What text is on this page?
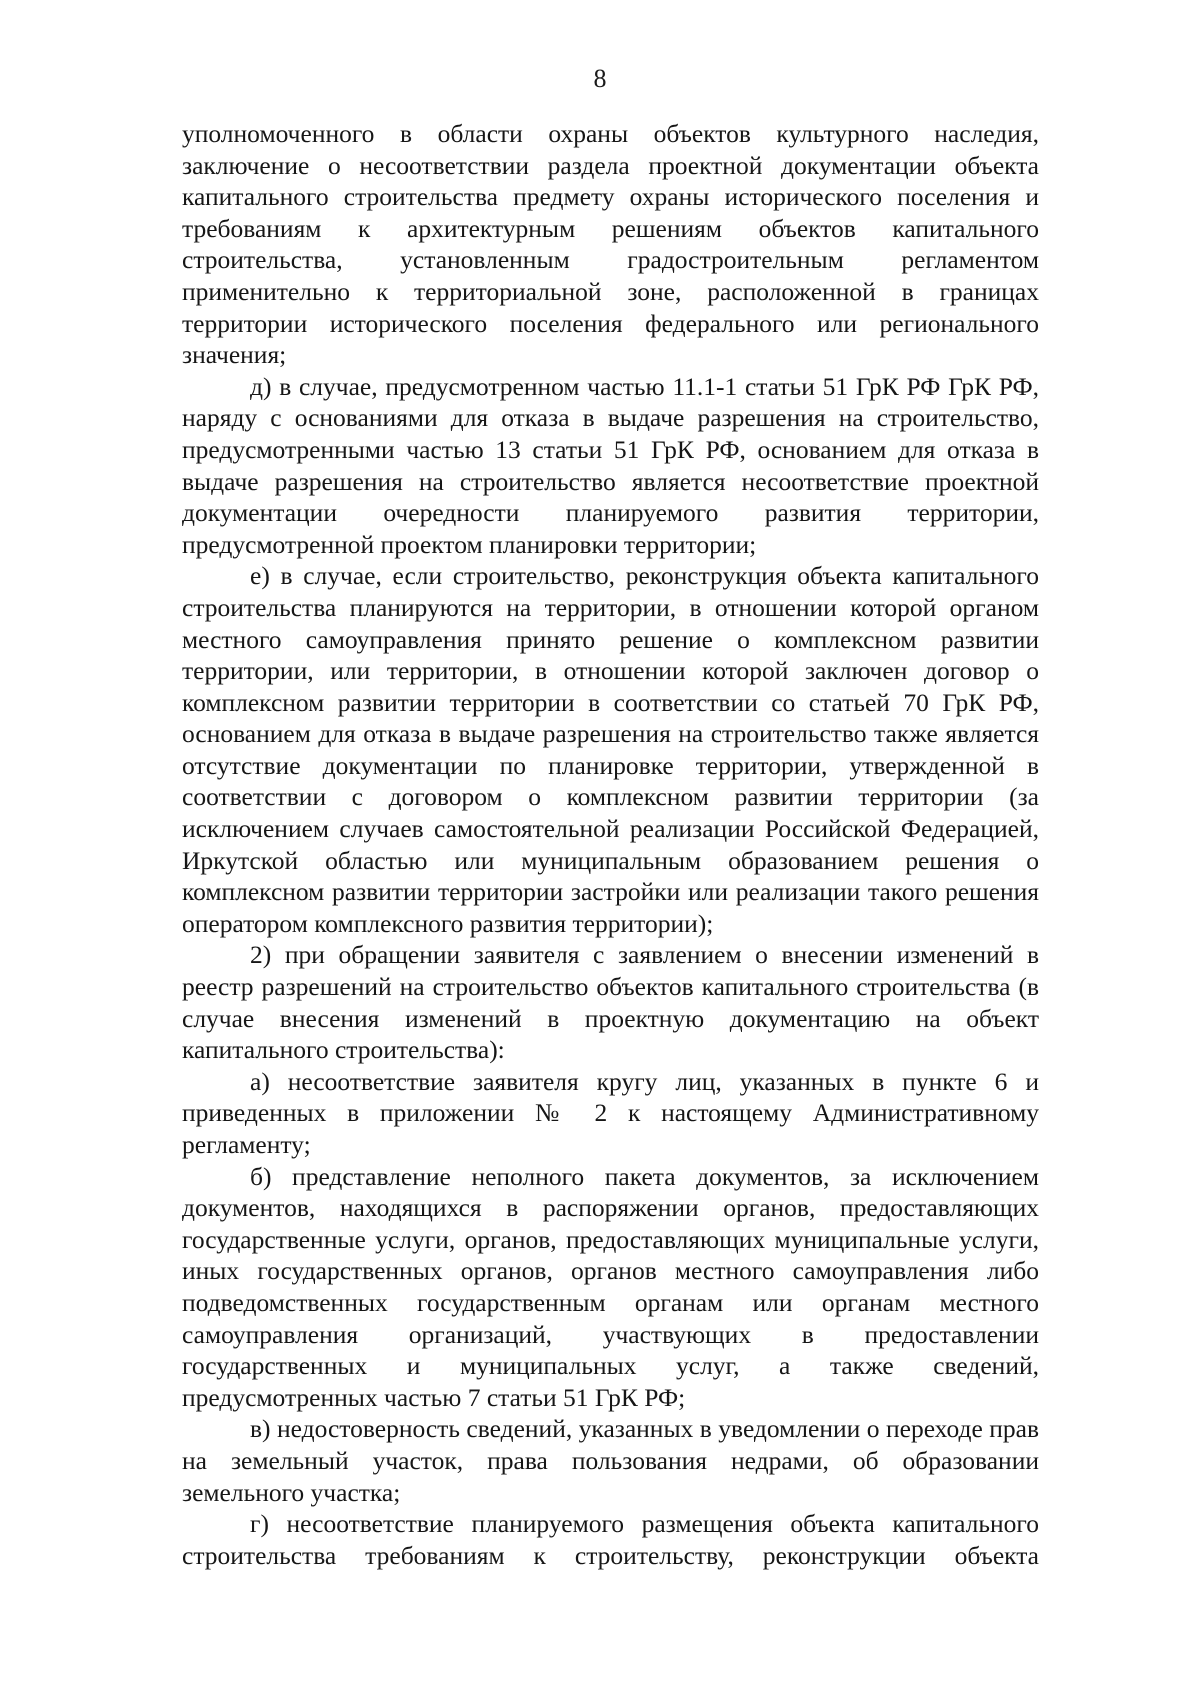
8

уполномоченного в области охраны объектов культурного наследия, заключение о несоответствии раздела проектной документации объекта капитального строительства предмету охраны исторического поселения и требованиям к архитектурным решениям объектов капитального строительства, установленным градостроительным регламентом применительно к территориальной зоне, расположенной в границах территории исторического поселения федерального или регионального значения;

д) в случае, предусмотренном частью 11.1-1 статьи 51 ГрК РФ ГрК РФ, наряду с основаниями для отказа в выдаче разрешения на строительство, предусмотренными частью 13 статьи 51 ГрК РФ, основанием для отказа в выдаче разрешения на строительство является несоответствие проектной документации очередности планируемого развития территории, предусмотренной проектом планировки территории;

е) в случае, если строительство, реконструкция объекта капитального строительства планируются на территории, в отношении которой органом местного самоуправления принято решение о комплексном развитии территории, или территории, в отношении которой заключен договор о комплексном развитии территории в соответствии со статьей 70 ГрК РФ, основанием для отказа в выдаче разрешения на строительство также является отсутствие документации по планировке территории, утвержденной в соответствии с договором о комплексном развитии территории (за исключением случаев самостоятельной реализации Российской Федерацией, Иркутской областью или муниципальным образованием решения о комплексном развитии территории застройки или реализации такого решения оператором комплексного развития территории);

2) при обращении заявителя с заявлением о внесении изменений в реестр разрешений на строительство объектов капитального строительства (в случае внесения изменений в проектную документацию на объект капитального строительства):

а) несоответствие заявителя кругу лиц, указанных в пункте 6 и приведенных в приложении № 2 к настоящему Административному регламенту;

б) представление неполного пакета документов, за исключением документов, находящихся в распоряжении органов, предоставляющих государственные услуги, органов, предоставляющих муниципальные услуги, иных государственных органов, органов местного самоуправления либо подведомственных государственным органам или органам местного самоуправления организаций, участвующих в предоставлении государственных и муниципальных услуг, а также сведений, предусмотренных частью 7 статьи 51 ГрК РФ;

в) недостоверность сведений, указанных в уведомлении о переходе прав на земельный участок, права пользования недрами, об образовании земельного участка;

г) несоответствие планируемого размещения объекта капитального строительства требованиям к строительству, реконструкции объекта
